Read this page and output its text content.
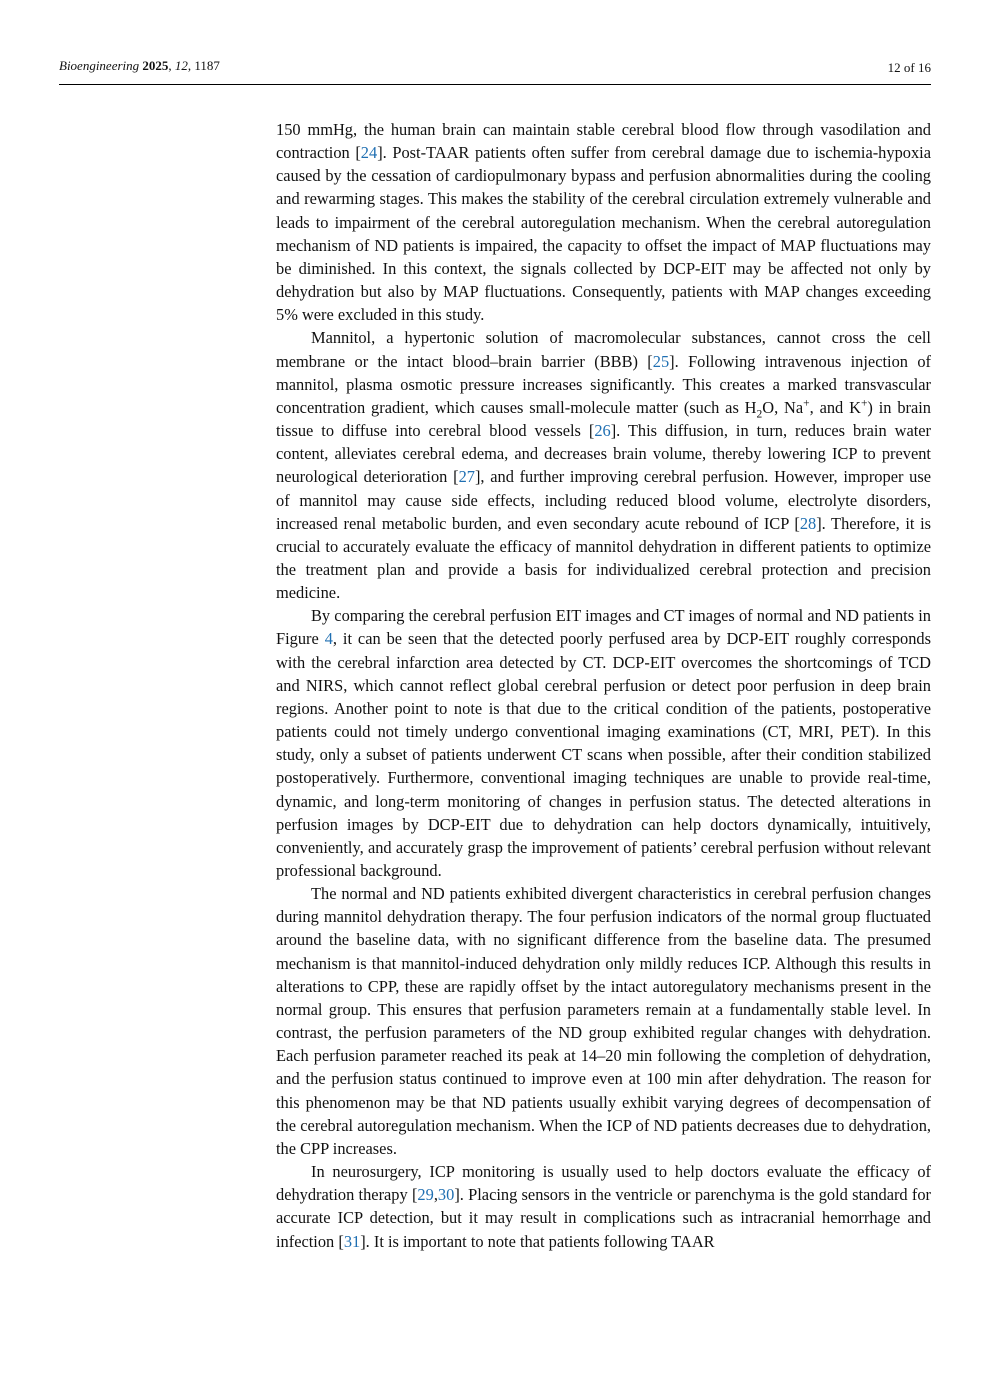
Bioengineering 2025, 12, 1187	12 of 16

150 mmHg, the human brain can maintain stable cerebral blood flow through vasodilation and contraction [24]. Post-TAAR patients often suffer from cerebral damage due to ischemia-hypoxia caused by the cessation of cardiopulmonary bypass and perfusion abnormalities during the cooling and rewarming stages. This makes the stability of the cerebral circulation extremely vulnerable and leads to impairment of the cerebral autoregulation mechanism. When the cerebral autoregulation mechanism of ND patients is impaired, the capacity to offset the impact of MAP fluctuations may be diminished. In this context, the signals collected by DCP-EIT may be affected not only by dehydration but also by MAP fluctuations. Consequently, patients with MAP changes exceeding 5% were excluded in this study.

Mannitol, a hypertonic solution of macromolecular substances, cannot cross the cell membrane or the intact blood–brain barrier (BBB) [25]. Following intravenous injection of mannitol, plasma osmotic pressure increases significantly. This creates a marked transvascular concentration gradient, which causes small-molecule matter (such as $H_2O$, Na+, and K+) in brain tissue to diffuse into cerebral blood vessels [26]. This diffusion, in turn, reduces brain water content, alleviates cerebral edema, and decreases brain volume, thereby lowering ICP to prevent neurological deterioration [27], and further improving cerebral perfusion. However, improper use of mannitol may cause side effects, including reduced blood volume, electrolyte disorders, increased renal metabolic burden, and even secondary acute rebound of ICP [28]. Therefore, it is crucial to accurately evaluate the efficacy of mannitol dehydration in different patients to optimize the treatment plan and provide a basis for individualized cerebral protection and precision medicine.

By comparing the cerebral perfusion EIT images and CT images of normal and ND patients in Figure 4, it can be seen that the detected poorly perfused area by DCP-EIT roughly corresponds with the cerebral infarction area detected by CT. DCP-EIT overcomes the shortcomings of TCD and NIRS, which cannot reflect global cerebral perfusion or detect poor perfusion in deep brain regions. Another point to note is that due to the critical condition of the patients, postoperative patients could not timely undergo conventional imaging examinations (CT, MRI, PET). In this study, only a subset of patients underwent CT scans when possible, after their condition stabilized postoperatively. Furthermore, conventional imaging techniques are unable to provide real-time, dynamic, and long-term monitoring of changes in perfusion status. The detected alterations in perfusion images by DCP-EIT due to dehydration can help doctors dynamically, intuitively, conveniently, and accurately grasp the improvement of patients’ cerebral perfusion without relevant professional background.

The normal and ND patients exhibited divergent characteristics in cerebral perfusion changes during mannitol dehydration therapy. The four perfusion indicators of the normal group fluctuated around the baseline data, with no significant difference from the baseline data. The presumed mechanism is that mannitol-induced dehydration only mildly reduces ICP. Although this results in alterations to CPP, these are rapidly offset by the intact autoregulatory mechanisms present in the normal group. This ensures that perfusion parameters remain at a fundamentally stable level. In contrast, the perfusion parameters of the ND group exhibited regular changes with dehydration. Each perfusion parameter reached its peak at 14–20 min following the completion of dehydration, and the perfusion status continued to improve even at 100 min after dehydration. The reason for this phenomenon may be that ND patients usually exhibit varying degrees of decompensation of the cerebral autoregulation mechanism. When the ICP of ND patients decreases due to dehydration, the CPP increases.

In neurosurgery, ICP monitoring is usually used to help doctors evaluate the efficacy of dehydration therapy [29,30]. Placing sensors in the ventricle or parenchyma is the gold standard for accurate ICP detection, but it may result in complications such as intracranial hemorrhage and infection [31]. It is important to note that patients following TAAR
